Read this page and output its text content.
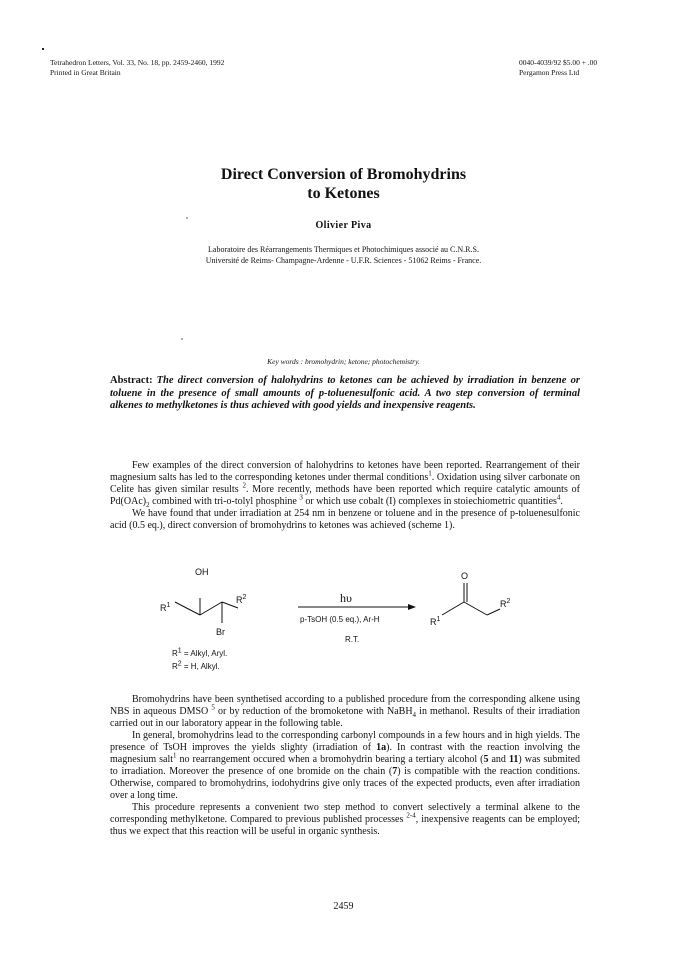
Tetrahedron Letters, Vol. 33, No. 18, pp. 2459-2460, 1992
Printed in Great Britain
0040-4039/92 $5.00 + .00
Pergamon Press Ltd
Direct Conversion of Bromohydrins
to Ketones
Olivier Piva
Laboratoire des Réarrangements Thermiques et Photochimiques associé au C.N.R.S.
Université de Reims- Champagne-Ardenne - U.F.R. Sciences - 51062 Reims - France.
Key words : bromohydrin; ketone; photochemistry.
Abstract: The direct conversion of halohydrins to ketones can be achieved by irradiation in benzene or toluene in the presence of small amounts of p-toluenesulfonic acid. A two step conversion of terminal alkenes to methylketones is thus achieved with good yields and inexpensive reagents.

Few examples of the direct conversion of halohydrins to ketones have been reported. Rearrangement of their magnesium salts has led to the corresponding ketones under thermal conditions$^1$. Oxidation using silver carbonate on Celite has given similar results $^2$. More recently, methods have been reported which require catalytic amounts of $Pd(OAc)_2$ combined with tri-o-tolyl phosphine $^3$ or which use cobalt (I) complexes in stoiechiometric quantities$^4$.

We have found that under irradiation at 254 nm in benzene or toluene and in the presence of p-toluenesulfonic acid (0.5 eq.), direct conversion of bromohydrins to ketones was achieved (scheme 1).

OH
$R^1$
$R^2$
Br
hυ
p-TsOH (0.5 eq.), Ar-H
R.T.
O
$R^1$
$R^2$
$R^1$ = Alkyl, Aryl.
$R^2 = H$, Alkyl.

Bromohydrins have been synthetised according to a published procedure from the corresponding alkene using NBS in aqueous DMSO $^5$ or by reduction of the bromoketone with NaBH$_4$ in methanol. Results of their irradiation carried out in our laboratory appear in the following table.

In general, bromohydrins lead to the corresponding carbonyl compounds in a few hours and in high yields. The presence of TsOH improves the yields slighty (irradiation of 1a). In contrast with the reaction involving the magnesium salt$^1$ no rearrangement occured when a bromohydrin bearing a tertiary alcohol (5 and 11) was submited to irradiation. Moreover the presence of one bromide on the chain (7) is compatible with the reaction conditions. Otherwise, compared to bromohydrins, iodohydrins give only traces of the expected products, even after irradiation over a long time.

This procedure represents a convenient two step method to convert selectively a terminal alkene to the corresponding methylketone. Compared to previous published processes $^{2-4}$, inexpensive reagents can be employed; thus we expect that this reaction will be useful in organic synthesis.

2459
